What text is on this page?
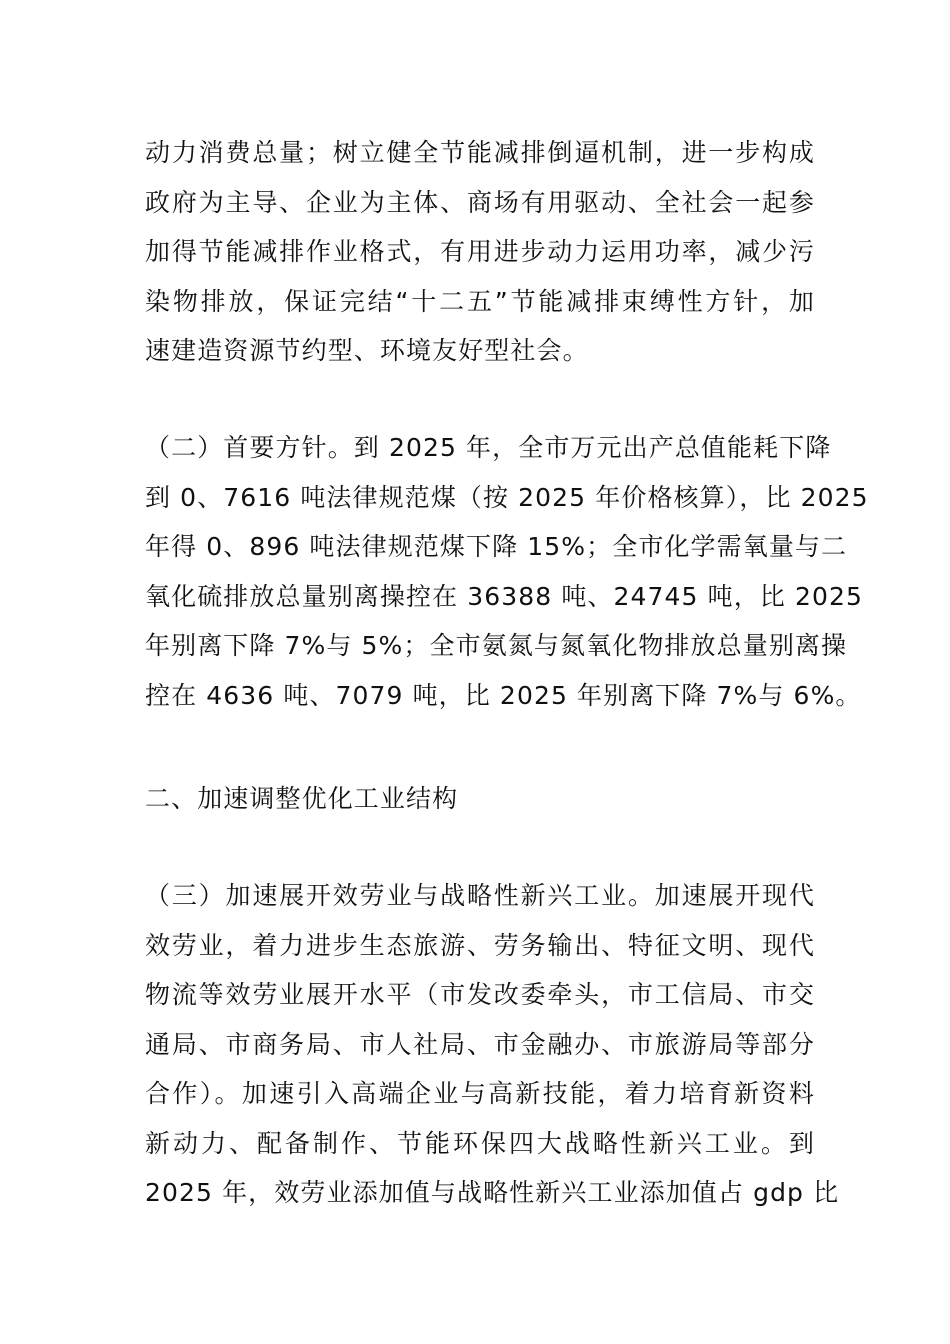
动力消费总量；树立健全节能减排倒逼机制，进一步构成
政府为主导、企业为主体、商场有用驱动、全社会一起参
加得节能减排作业格式，有用进步动力运用功率，减少污
染物排放，保证完结“十二五”节能减排束缚性方针，加
速建造资源节约型、环境友好型社会。
（二）首要方针。到 2025 年，全市万元出产总值能耗下降
到 0、7616 吨法律规范煤（按 2025 年价格核算），比 2025
年得 0、896 吨法律规范煤下降 15%；全市化学需氧量与二
氧化硫排放总量别离操控在 36388 吨、24745 吨，比 2025
年别离下降 7%与 5%；全市氨氮与氮氧化物排放总量别离操
控在 4636 吨、7079 吨，比 2025 年别离下降 7%与 6%。
二、加速调整优化工业结构
（三）加速展开效劳业与战略性新兴工业。加速展开现代
效劳业，着力进步生态旅游、劳务输出、特征文明、现代
物流等效劳业展开水平（市发改委牵头，市工信局、市交
通局、市商务局、市人社局、市金融办、市旅游局等部分
合作）。加速引入高端企业与高新技能，着力培育新资料
新动力、配备制作、节能环保四大战略性新兴工业。到
2025 年，效劳业添加值与战略性新兴工业添加值占 gdp 比
